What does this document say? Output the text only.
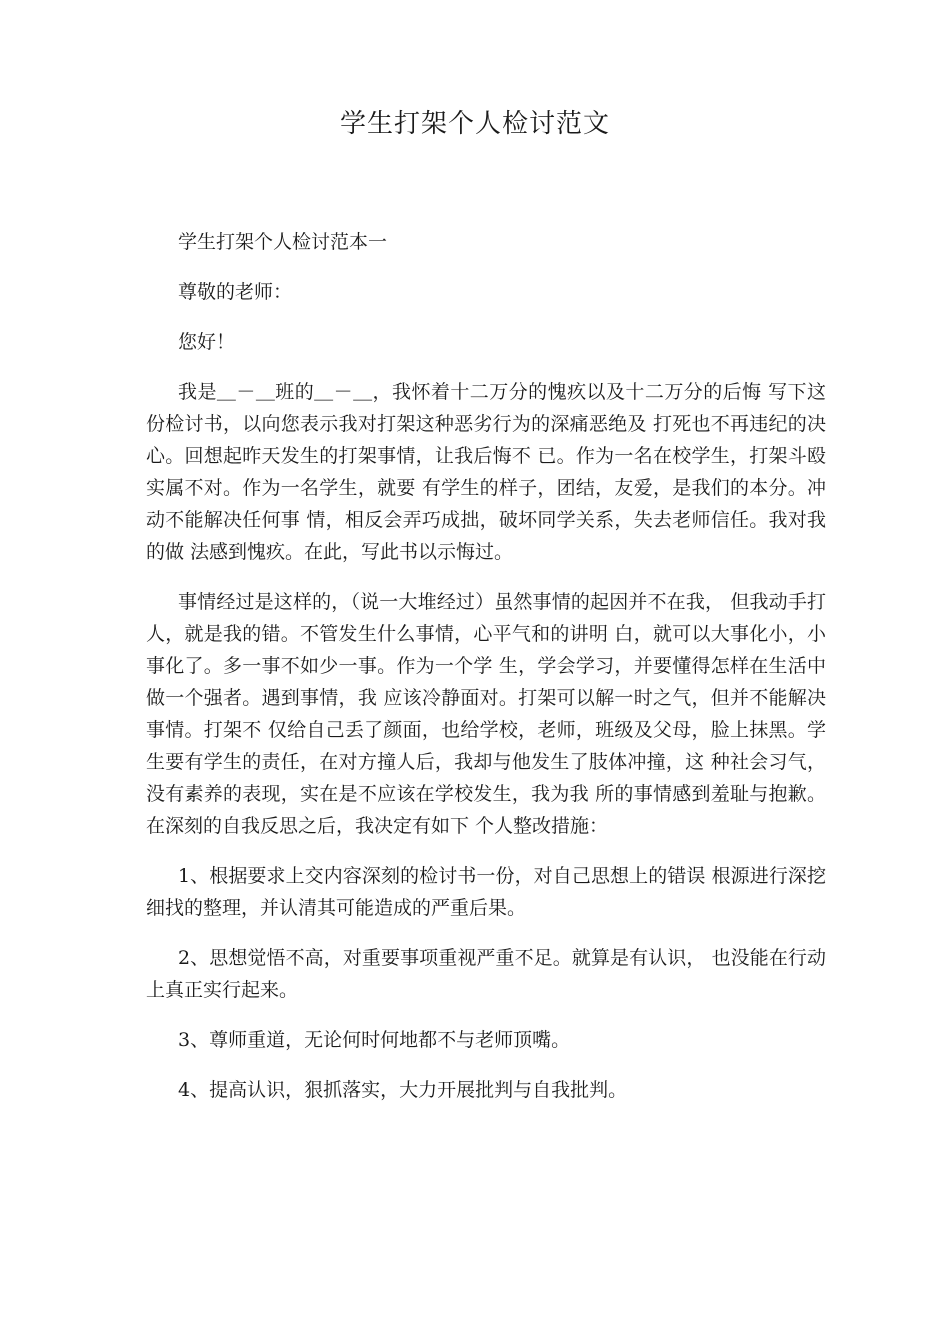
学生打架个人检讨范文

学生打架个人检讨范本一

尊敬的老师：

您好！

我是＿－＿班的＿－＿，我怀着十二万分的愧疚以及十二万分的后悔 写下这份检讨书，以向您表示我对打架这种恶劣行为的深痛恶绝及 打死也不再违纪的决心。回想起昨天发生的打架事情，让我后悔不 已。作为一名在校学生，打架斗殴实属不对。作为一名学生，就要 有学生的样子，团结，友爱，是我们的本分。冲动不能解决任何事 情，相反会弄巧成拙，破坏同学关系，失去老师信任。我对我的做 法感到愧疚。在此，写此书以示悔过。

事情经过是这样的，（说一大堆经过）虽然事情的起因并不在我， 但我动手打人，就是我的错。不管发生什么事情，心平气和的讲明 白，就可以大事化小，小事化了。多一事不如少一事。作为一个学 生，学会学习，并要懂得怎样在生活中做一个强者。遇到事情，我 应该冷静面对。打架可以解一时之气，但并不能解决事情。打架不 仅给自己丢了颜面，也给学校，老师，班级及父母，脸上抹黑。学 生要有学生的责任，在对方撞人后，我却与他发生了肢体冲撞，这 种社会习气，没有素养的表现，实在是不应该在学校发生，我为我 所的事情感到羞耻与抱歉。在深刻的自我反思之后，我决定有如下 个人整改措施：

1、根据要求上交内容深刻的检讨书一份，对自己思想上的错误 根源进行深挖细找的整理，并认清其可能造成的严重后果。

2、思想觉悟不高，对重要事项重视严重不足。就算是有认识， 也没能在行动上真正实行起来。

3、尊师重道，无论何时何地都不与老师顶嘴。

4、提高认识，狠抓落实，大力开展批判与自我批判。
